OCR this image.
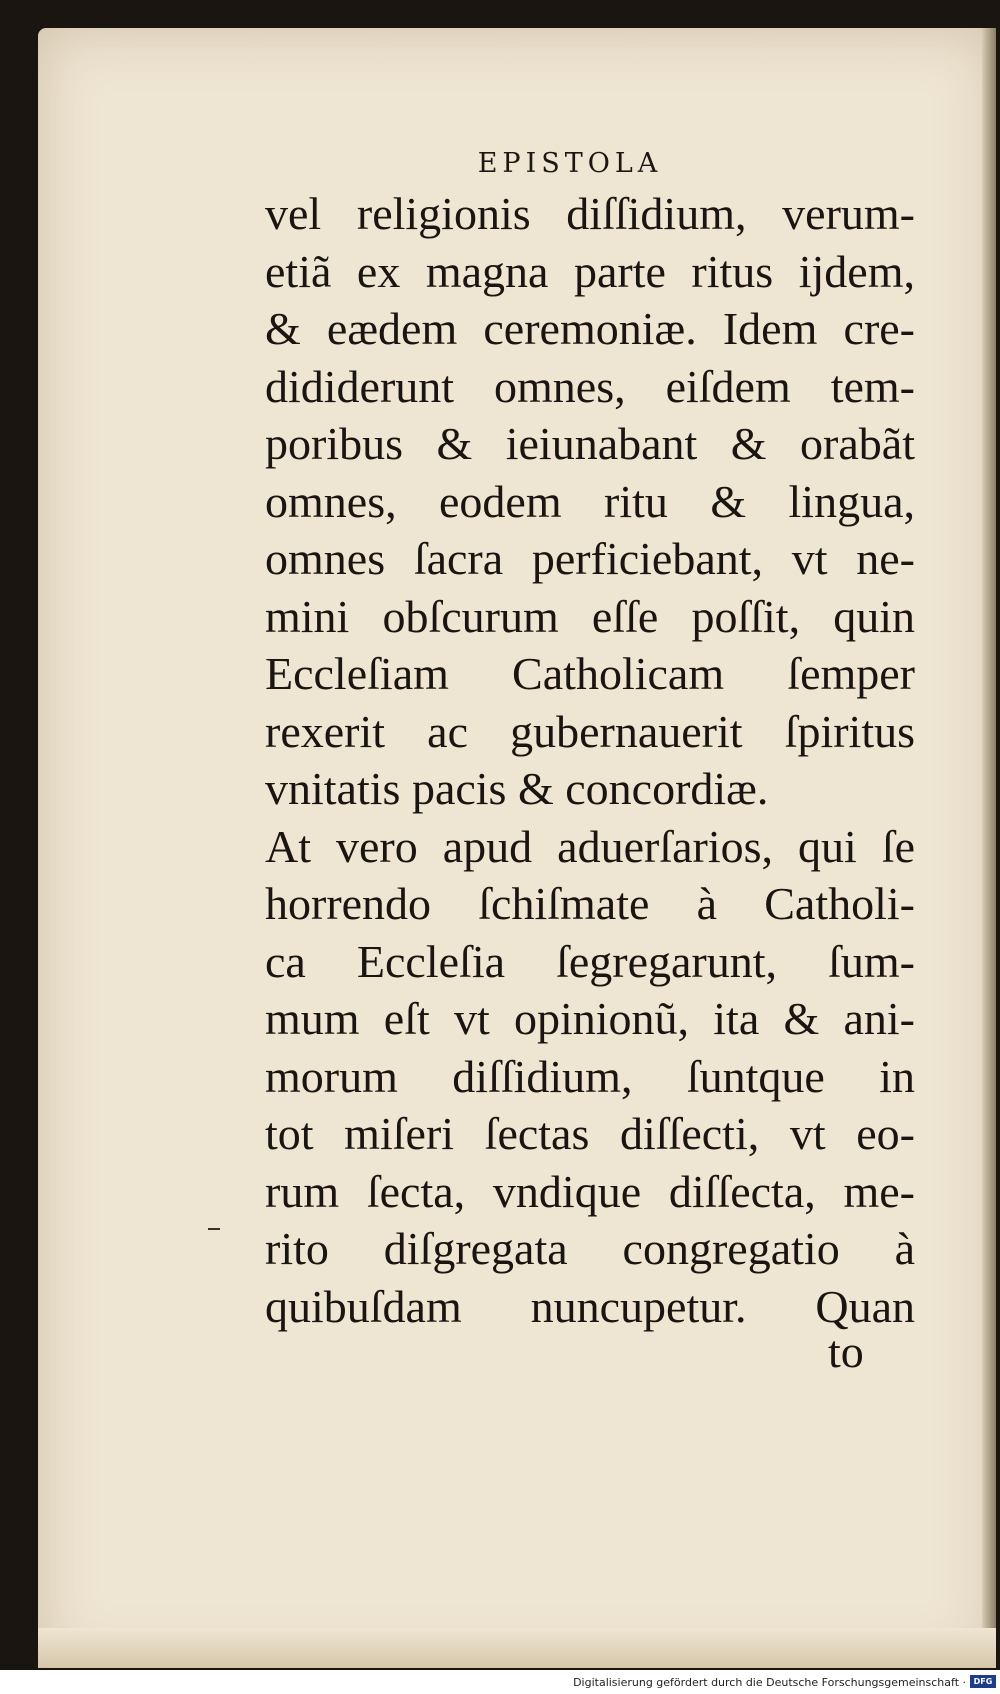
EPISTOLA
vel religionis diſſidium, verum-
etiã ex magna parte ritus ijdem,
& eædem ceremoniæ. Idem cre-
dididerunt omnes, eiſdem tem-
poribus & ieiunabant & orabãt
omnes, eodem ritu & lingua,
omnes ſacra perficiebant, vt ne-
mini obſcurum eſſe poſſit, quin
Eccleſiam Catholicam ſemper
rexerit ac gubernauerit ſpiritus
vnitatis pacis & concordiæ.
At vero apud aduerſarios, qui ſe
horrendo ſchiſmate à Catholi-
ca Eccleſia ſegregarunt, ſum-
mum eſt vt opinionũ, ita & ani-
morum diſſidium, ſuntque in
tot miſeri ſectas diſſecti, vt eo-
rum ſecta, vndique diſſecta, me-
rito diſgregata congregatio à
quibuſdam nuncupetur. Quan
to
Digitalisierung gefördert durch die Deutsche Forschungsgemeinschaft · DFG
